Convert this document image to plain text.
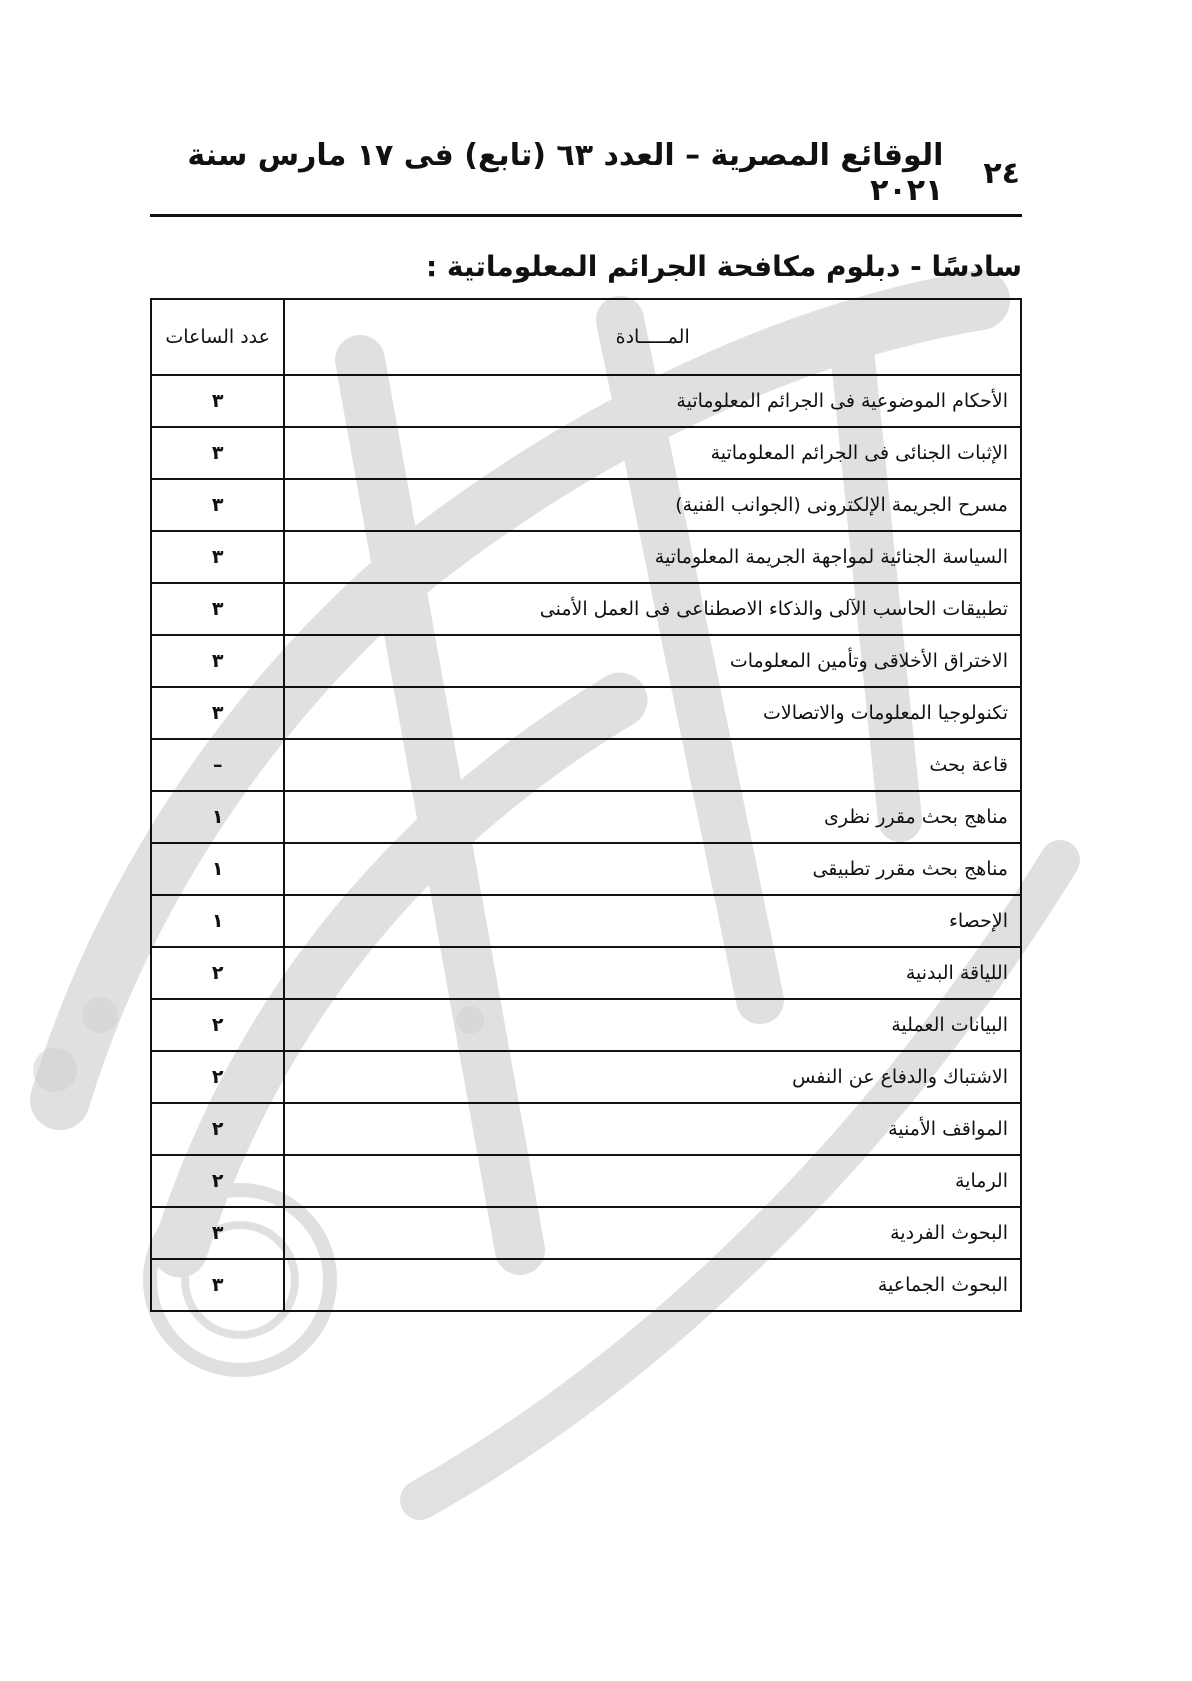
٢٤
الوقائع المصرية – العدد ٦٣ (تابع) فى ١٧ مارس سنة ٢٠٢١
سادسًا - دبلوم مكافحة الجرائم المعلوماتية :
المـــــادة	عدد الساعات
الأحكام الموضوعية فى الجرائم المعلوماتية	٣
الإثبات الجنائى فى الجرائم المعلوماتية	٣
مسرح الجريمة الإلكترونى (الجوانب الفنية)	٣
السياسة الجنائية لمواجهة الجريمة المعلوماتية	٣
تطبيقات الحاسب الآلى والذكاء الاصطناعى فى العمل الأمنى	٣
الاختراق الأخلاقى وتأمين المعلومات	٣
تكنولوجيا المعلومات والاتصالات	٣
قاعة بحث	–
مناهج بحث مقرر نظرى	١
مناهج بحث مقرر تطبيقى	١
الإحصاء	١
اللياقة البدنية	٢
البيانات العملية	٢
الاشتباك والدفاع عن النفس	٢
المواقف الأمنية	٢
الرماية	٢
البحوث الفردية	٣
البحوث الجماعية	٣
